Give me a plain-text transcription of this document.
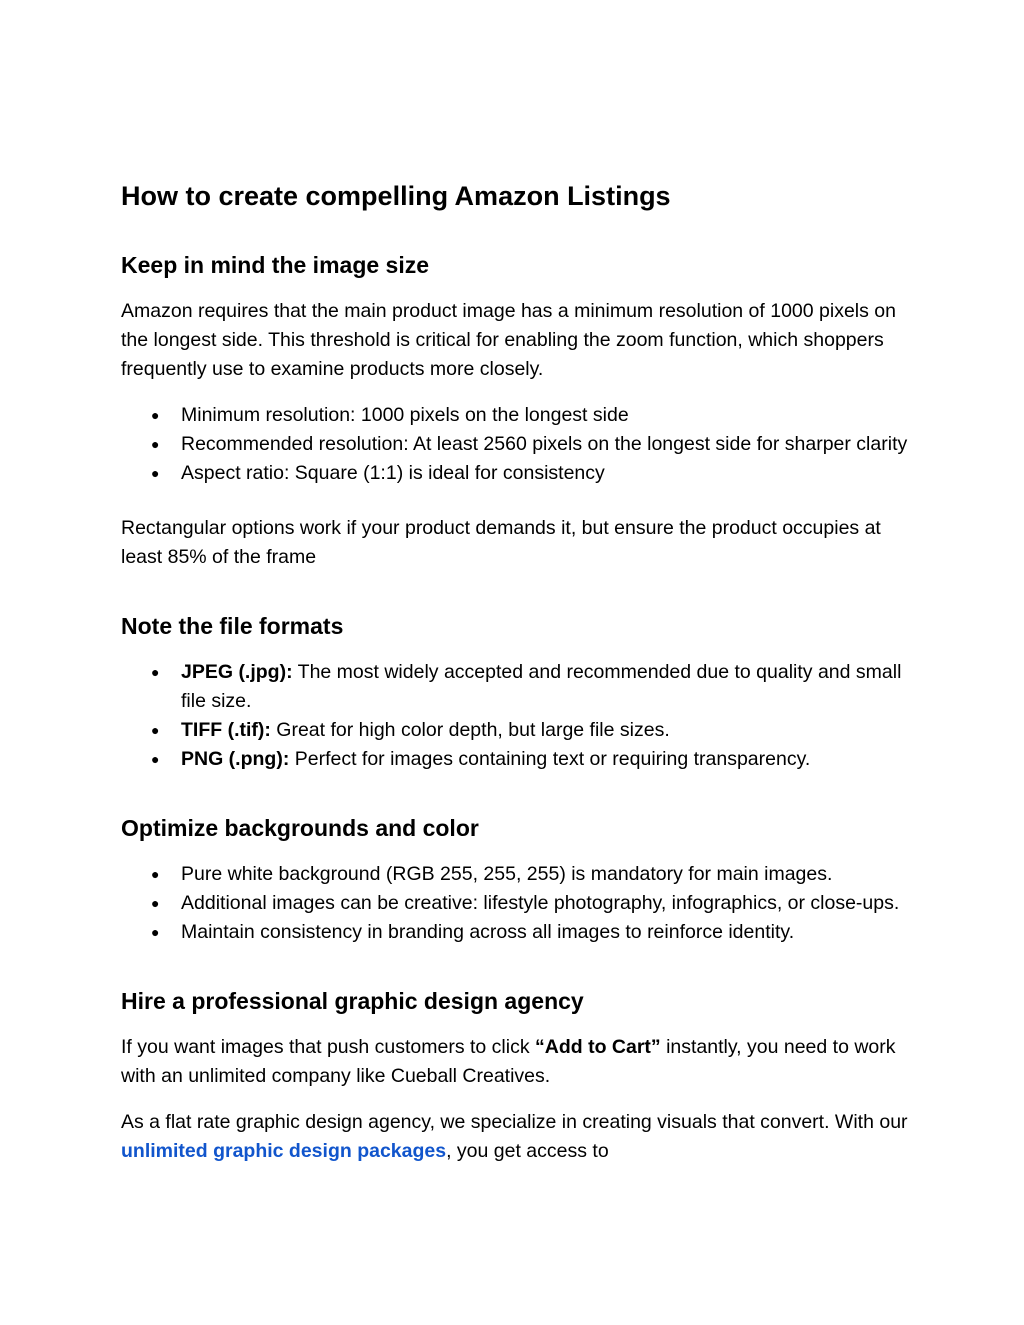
How to create compelling Amazon Listings
Keep in mind the image size

Amazon requires that the main product image has a minimum resolution of 1000 pixels on the longest side. This threshold is critical for enabling the zoom function, which shoppers frequently use to examine products more closely.

● Minimum resolution: 1000 pixels on the longest side
● Recommended resolution: At least 2560 pixels on the longest side for sharper clarity
● Aspect ratio: Square (1:1) is ideal for consistency

Rectangular options work if your product demands it, but ensure the product occupies at least 85% of the frame

Note the file formats
● JPEG (.jpg): The most widely accepted and recommended due to quality and small file size.
● TIFF (.tif): Great for high color depth, but large file sizes.
● PNG (.png): Perfect for images containing text or requiring transparency.
Optimize backgrounds and color
● Pure white background (RGB 255, 255, 255) is mandatory for main images.
● Additional images can be creative: lifestyle photography, infographics, or close-ups.
● Maintain consistency in branding across all images to reinforce identity.
Hire a professional graphic design agency

If you want images that push customers to click “Add to Cart” instantly, you need to work with an unlimited company like Cueball Creatives.

As a flat rate graphic design agency, we specialize in creating visuals that convert. With our unlimited graphic design packages, you get access to
